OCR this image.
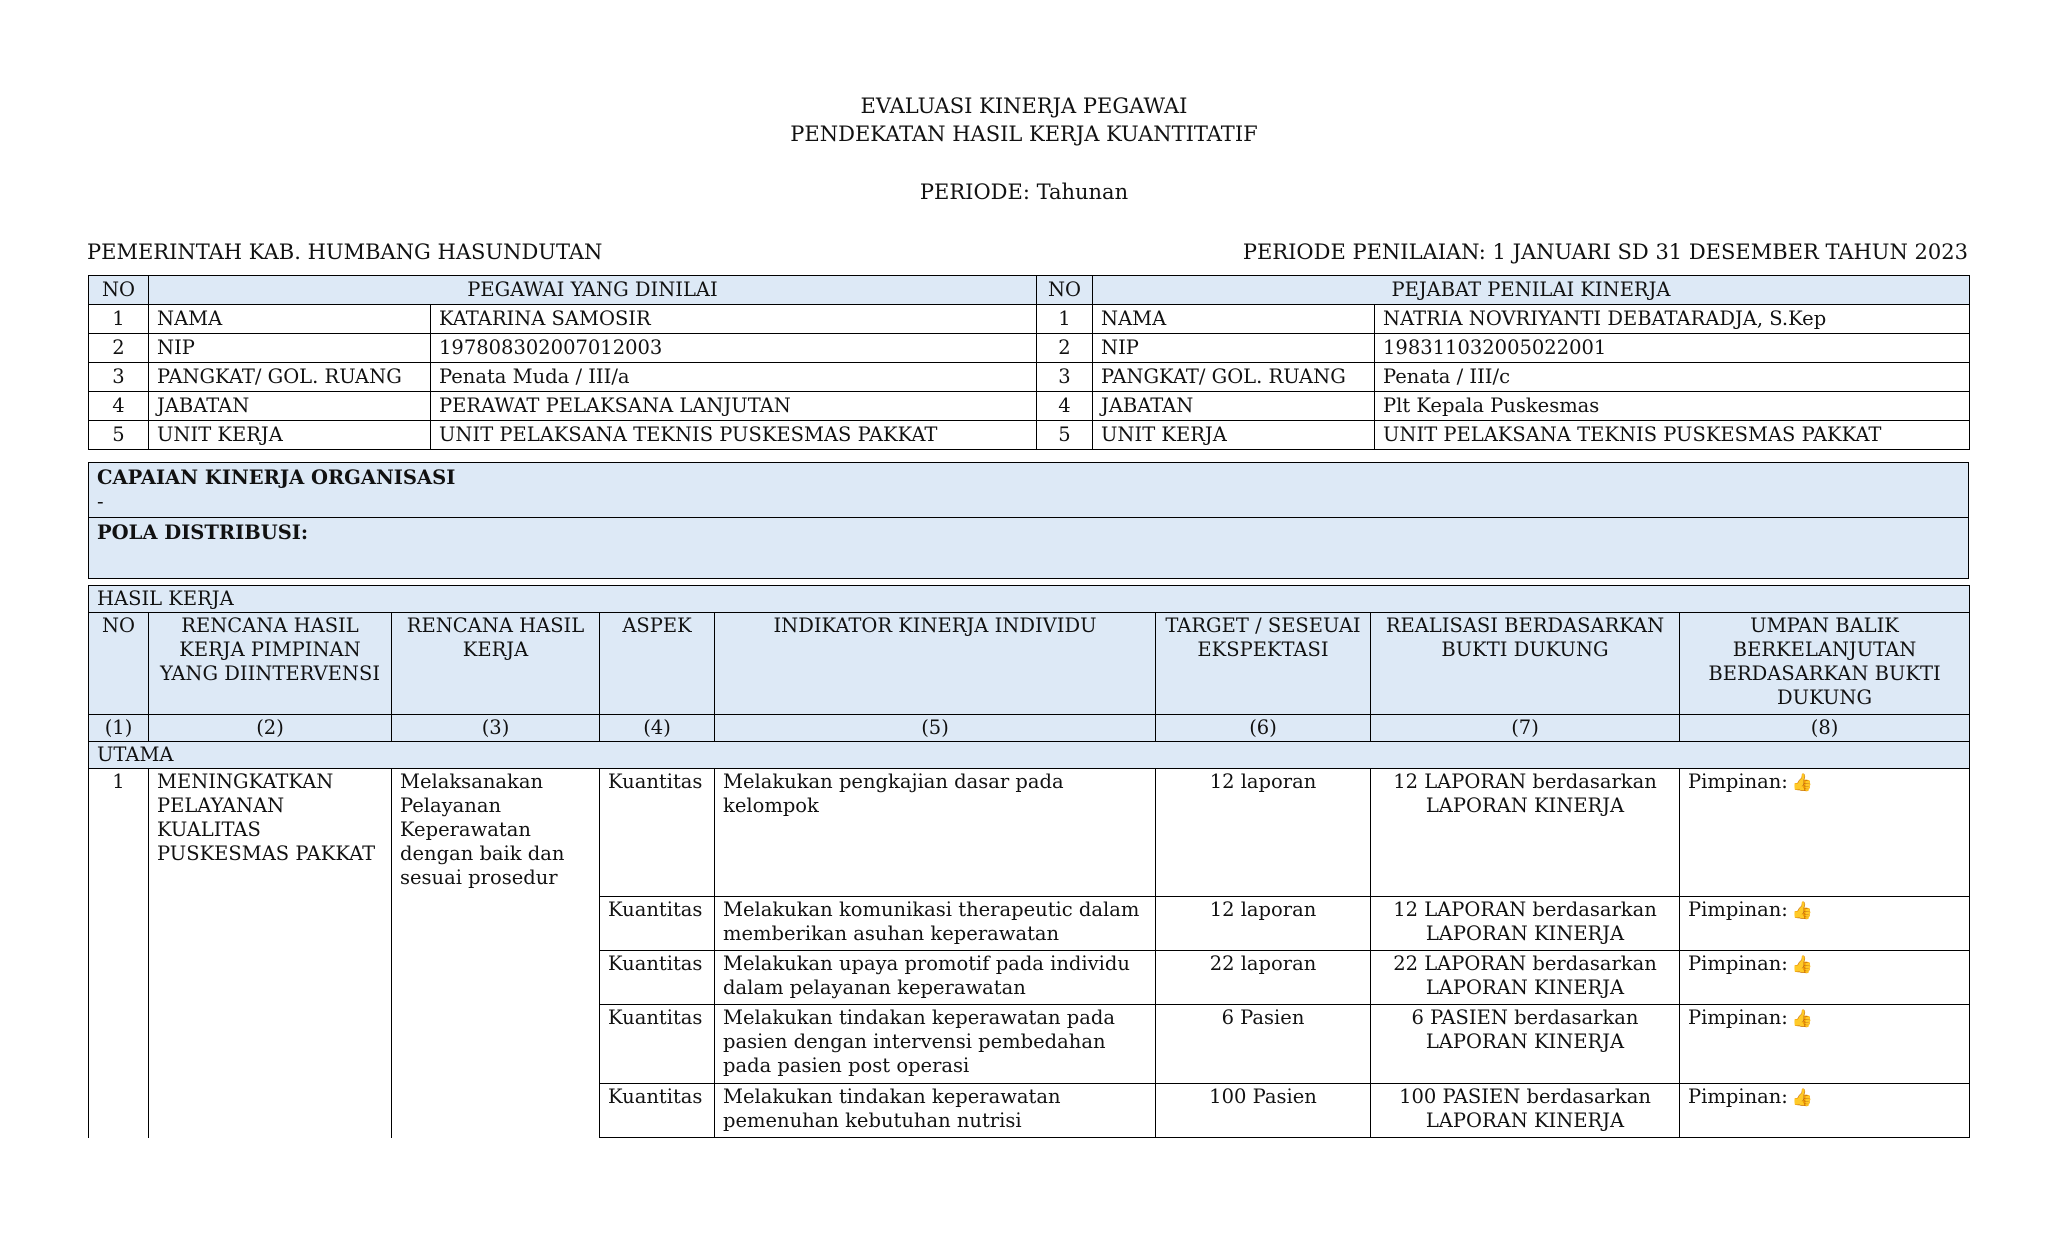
EVALUASI KINERJA PEGAWAI
PENDEKATAN HASIL KERJA KUANTITATIF
PERIODE: Tahunan
PEMERINTAH KAB. HUMBANG HASUNDUTAN	PERIODE PENILAIAN: 1 JANUARI SD 31 DESEMBER TAHUN 2023
NO	PEGAWAI YANG DINILAI		NO	PEJABAT PENILAI KINERJA	
1	NAMA	KATARINA SAMOSIR	1	NAMA	NATRIA NOVRIYANTI DEBATARADJA, S.Kep
2	NIP	197808302007012003	2	NIP	198311032005022001
3	PANGKAT/ GOL. RUANG	Penata Muda / III/a	3	PANGKAT/ GOL. RUANG	Penata / III/c
4	JABATAN	PERAWAT PELAKSANA LANJUTAN	4	JABATAN	Plt Kepala Puskesmas
5	UNIT KERJA	UNIT PELAKSANA TEKNIS PUSKESMAS PAKKAT	5	UNIT KERJA	UNIT PELAKSANA TEKNIS PUSKESMAS PAKKAT
CAPAIAN KINERJA ORGANISASI
-

POLA DISTRIBUSI:
HASIL KERJA							
NO	RENCANA HASIL KERJA PIMPINAN YANG DIINTERVENSI	RENCANA HASIL KERJA	ASPEK	INDIKATOR KINERJA INDIVIDU	TARGET / SESEUAI EKSPEKTASI	REALISASI BERDASARKAN BUKTI DUKUNG	UMPAN BALIK BERKELANJUTAN BERDASARKAN BUKTI DUKUNG
(1)	(2)	(3)	(4)	(5)	(6)	(7)	(8)
UTAMA							
1	MENINGKATKAN PELAYANAN KUALITAS PUSKESMAS PAKKAT	Melaksanakan Pelayanan Keperawatan dengan baik dan sesuai prosedur	Kuantitas	Melakukan pengkajian dasar pada kelompok	12 laporan	12 LAPORAN berdasarkan LAPORAN KINERJA	Pimpinan: 👍
			Kuantitas	Melakukan komunikasi therapeutic dalam memberikan asuhan keperawatan	12 laporan	12 LAPORAN berdasarkan LAPORAN KINERJA	Pimpinan: 👍
			Kuantitas	Melakukan upaya promotif pada individu dalam pelayanan keperawatan	22 laporan	22 LAPORAN berdasarkan LAPORAN KINERJA	Pimpinan: 👍
			Kuantitas	Melakukan tindakan keperawatan pada pasien dengan intervensi pembedahan pada pasien post operasi	6 Pasien	6 PASIEN berdasarkan LAPORAN KINERJA	Pimpinan: 👍
			Kuantitas	Melakukan tindakan keperawatan pemenuhan kebutuhan nutrisi	100 Pasien	100 PASIEN berdasarkan LAPORAN KINERJA	Pimpinan: 👍
